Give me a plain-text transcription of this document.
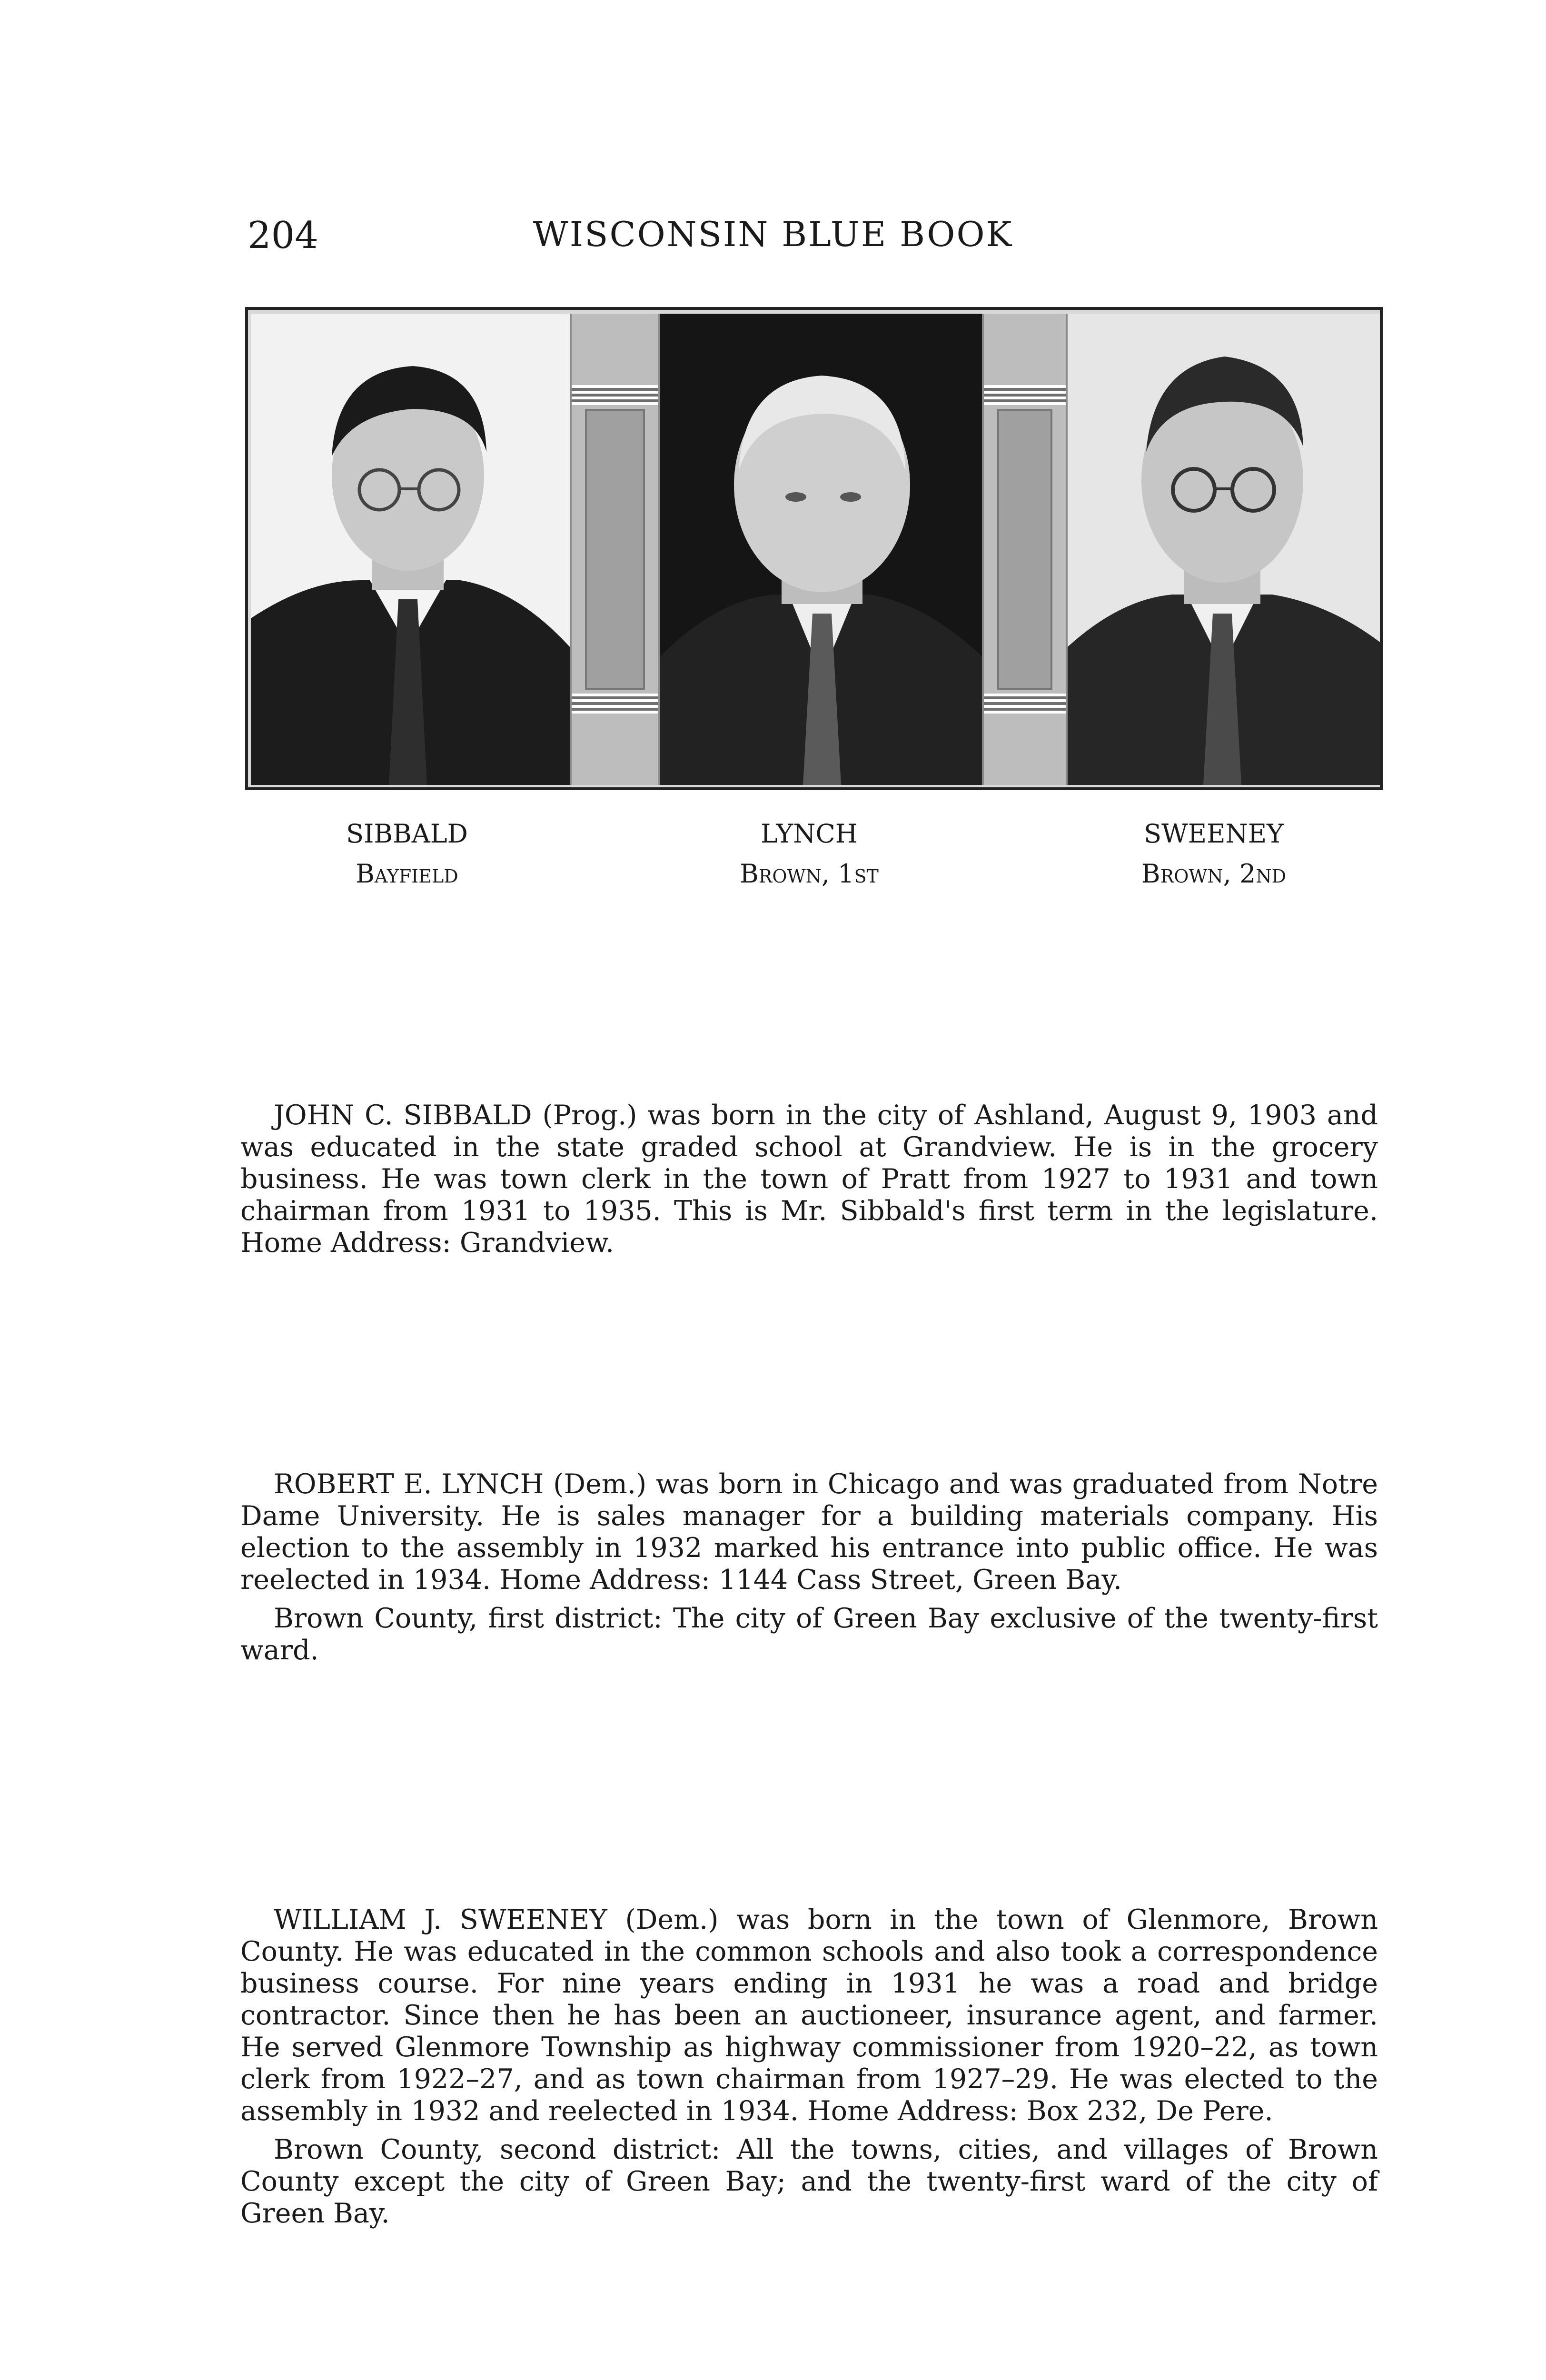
204	WISCONSIN BLUE BOOK
SIBBALD
Bayfield
LYNCH
Brown, 1st
SWEENEY
Brown, 2nd

JOHN C. SIBBALD (Prog.) was born in the city of Ashland, August 9, 1903 and was educated in the state graded school at Grandview. He is in the grocery business. He was town clerk in the town of Pratt from 1927 to 1931 and town chairman from 1931 to 1935. This is Mr. Sibbald's first term in the legislature. Home Address: Grandview.

ROBERT E. LYNCH (Dem.) was born in Chicago and was graduated from Notre Dame University. He is sales manager for a building materials company. His election to the assembly in 1932 marked his entrance into public office. He was reelected in 1934. Home Address: 1144 Cass Street, Green Bay.

Brown County, first district: The city of Green Bay exclusive of the twenty-first ward.

WILLIAM J. SWEENEY (Dem.) was born in the town of Glenmore, Brown County. He was educated in the common schools and also took a correspondence business course. For nine years ending in 1931 he was a road and bridge contractor. Since then he has been an auctioneer, insurance agent, and farmer. He served Glenmore Township as highway commissioner from 1920–22, as town clerk from 1922–27, and as town chairman from 1927–29. He was elected to the assembly in 1932 and reelected in 1934. Home Address: Box 232, De Pere.

Brown County, second district: All the towns, cities, and villages of Brown County except the city of Green Bay; and the twenty-first ward of the city of Green Bay.
